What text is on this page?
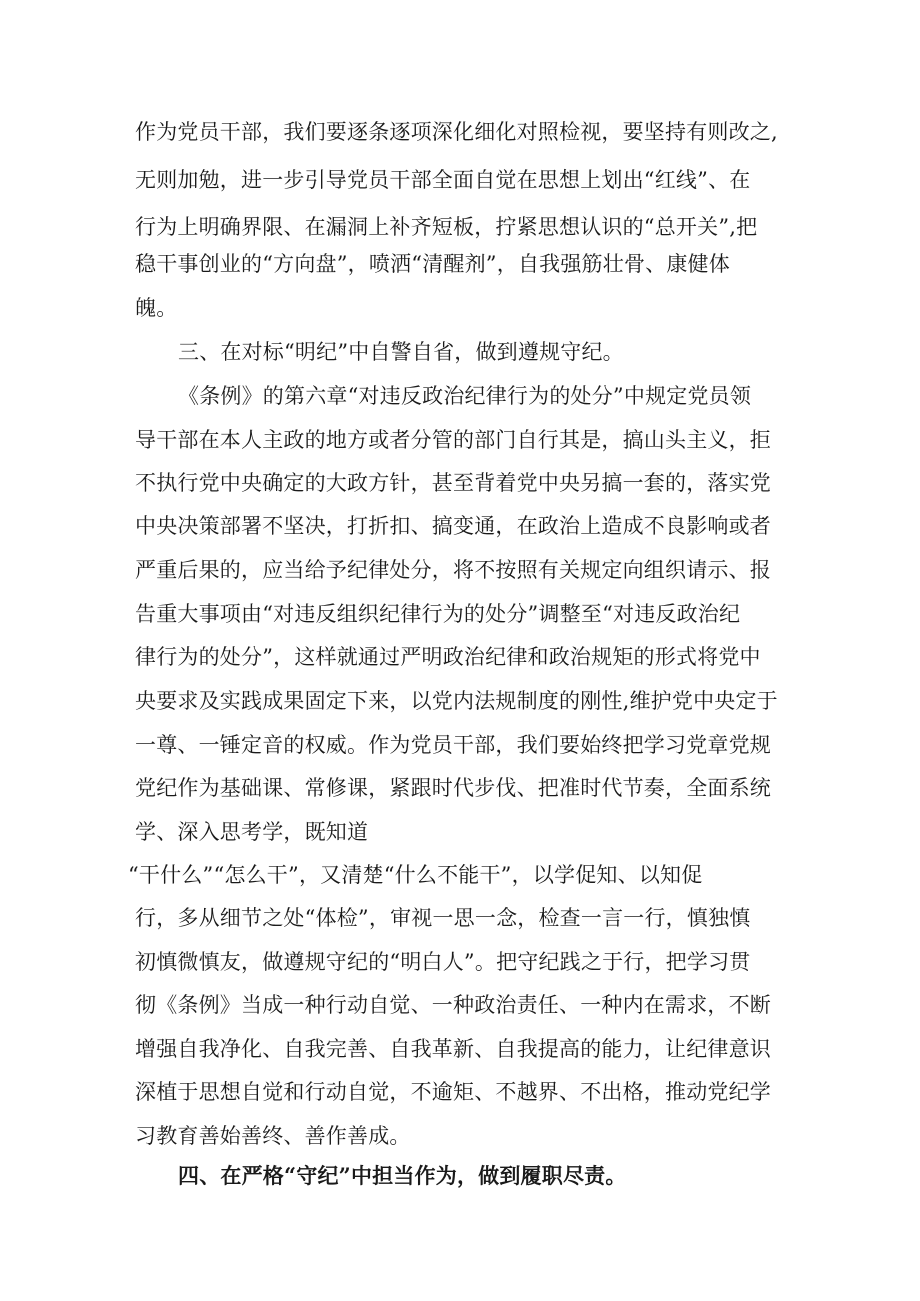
作为党员干部，我们要逐条逐项深化细化对照检视，要坚持有则改之,
无则加勉，进一步引导党员干部全面自觉在思想上划出“红线”、在
行为上明确界限、在漏洞上补齐短板，拧紧思想认识的“总开关”,把
稳干事创业的“方向盘”，喷洒“清醒剂”，自我强筋壮骨、康健体
魄。
三、在对标“明纪”中自警自省，做到遵规守纪。
《条例》的第六章“对违反政治纪律行为的处分”中规定党员领
导干部在本人主政的地方或者分管的部门自行其是，搞山头主义，拒
不执行党中央确定的大政方针，甚至背着党中央另搞一套的，落实党
中央决策部署不坚决，打折扣、搞变通，在政治上造成不良影响或者
严重后果的，应当给予纪律处分，将不按照有关规定向组织请示、报
告重大事项由“对违反组织纪律行为的处分”调整至“对违反政治纪
律行为的处分”，这样就通过严明政治纪律和政治规矩的形式将党中
央要求及实践成果固定下来，以党内法规制度的刚性,维护党中央定于
一尊、一锤定音的权威。作为党员干部，我们要始终把学习党章党规
党纪作为基础课、常修课，紧跟时代步伐、把准时代节奏，全面系统
学、深入思考学，既知道
“干什么”“怎么干”，又清楚“什么不能干”，以学促知、以知促
行，多从细节之处“体检”，审视一思一念，检查一言一行，慎独慎
初慎微慎友，做遵规守纪的“明白人”。把守纪践之于行，把学习贯
彻《条例》当成一种行动自觉、一种政治责任、一种内在需求，不断
增强自我净化、自我完善、自我革新、自我提高的能力，让纪律意识
深植于思想自觉和行动自觉，不逾矩、不越界、不出格，推动党纪学
习教育善始善终、善作善成。
四、在严格“守纪”中担当作为，做到履职尽责。
